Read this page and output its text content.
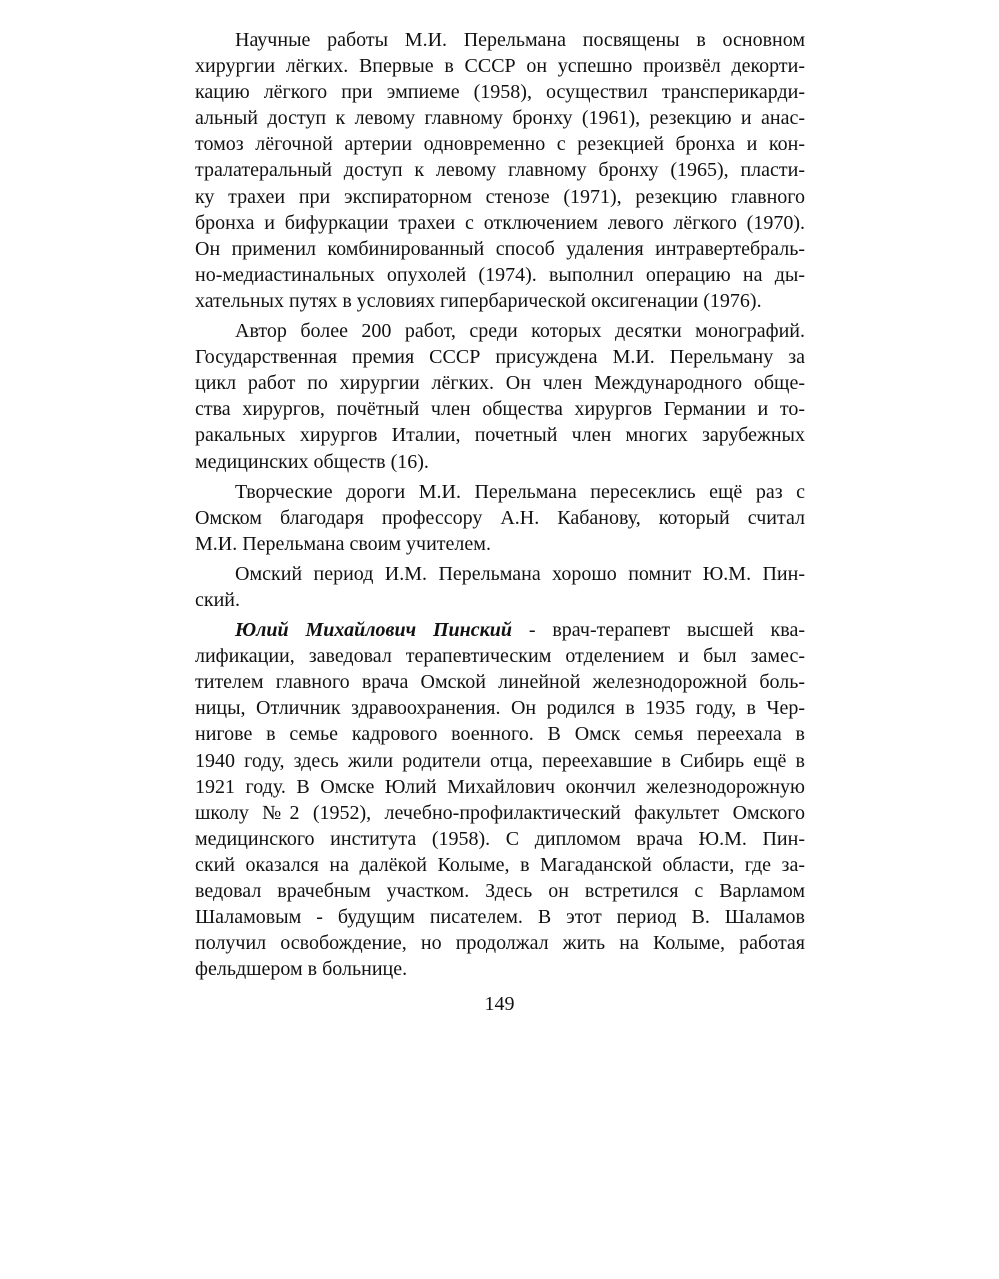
Научные работы М.И. Перельмана посвящены в основном
хирургии лёгких. Впервые в СССР он успешно произвёл декорти-
кацию лёгкого при эмпиеме (1958), осуществил трансперикарди-
альный доступ к левому главному бронху (1961), резекцию и анас-
томоз лёгочной артерии одновременно с резекцией бронха и кон-
тралатеральный доступ к левому главному бронху (1965), пласти-
ку трахеи при экспираторном стенозе (1971), резекцию главного
бронха и бифуркации трахеи с отключением левого лёгкого (1970).
Он применил комбинированный способ удаления интравертебраль-
но-медиастинальных опухолей (1974). выполнил операцию на ды-
хательных путях в условиях гипербарической оксигенации (1976).
Автор более 200 работ, среди которых десятки монографий.
Государственная премия СССР присуждена М.И. Перельману за
цикл работ по хирургии лёгких. Он член Международного обще-
ства хирургов, почётный член общества хирургов Германии и то-
ракальных хирургов Италии, почетный член многих зарубежных
медицинских обществ (16).
Творческие дороги М.И. Перельмана пересеклись ещё раз с
Омском благодаря профессору А.Н. Кабанову, который считал
М.И. Перельмана своим учителем.
Омский период И.М. Перельмана хорошо помнит Ю.М. Пин-
ский.
Юлий Михайлович Пинский - врач-терапевт высшей ква-
лификации, заведовал терапевтическим отделением и был замес-
тителем главного врача Омской линейной железнодорожной боль-
ницы, Отличник здравоохранения. Он родился в 1935 году, в Чер-
нигове в семье кадрового военного. В Омск семья переехала в
1940 году, здесь жили родители отца, переехавшие в Сибирь ещё в
1921 году. В Омске Юлий Михайлович окончил железнодорожную
школу №2 (1952), лечебно-профилактический факультет Омского
медицинского института (1958). С дипломом врача Ю.М. Пин-
ский оказался на далёкой Колыме, в Магаданской области, где за-
ведовал врачебным участком. Здесь он встретился с Варламом
Шаламовым - будущим писателем. В этот период В. Шаламов
получил освобождение, но продолжал жить на Колыме, работая
фельдшером в больнице.
149
